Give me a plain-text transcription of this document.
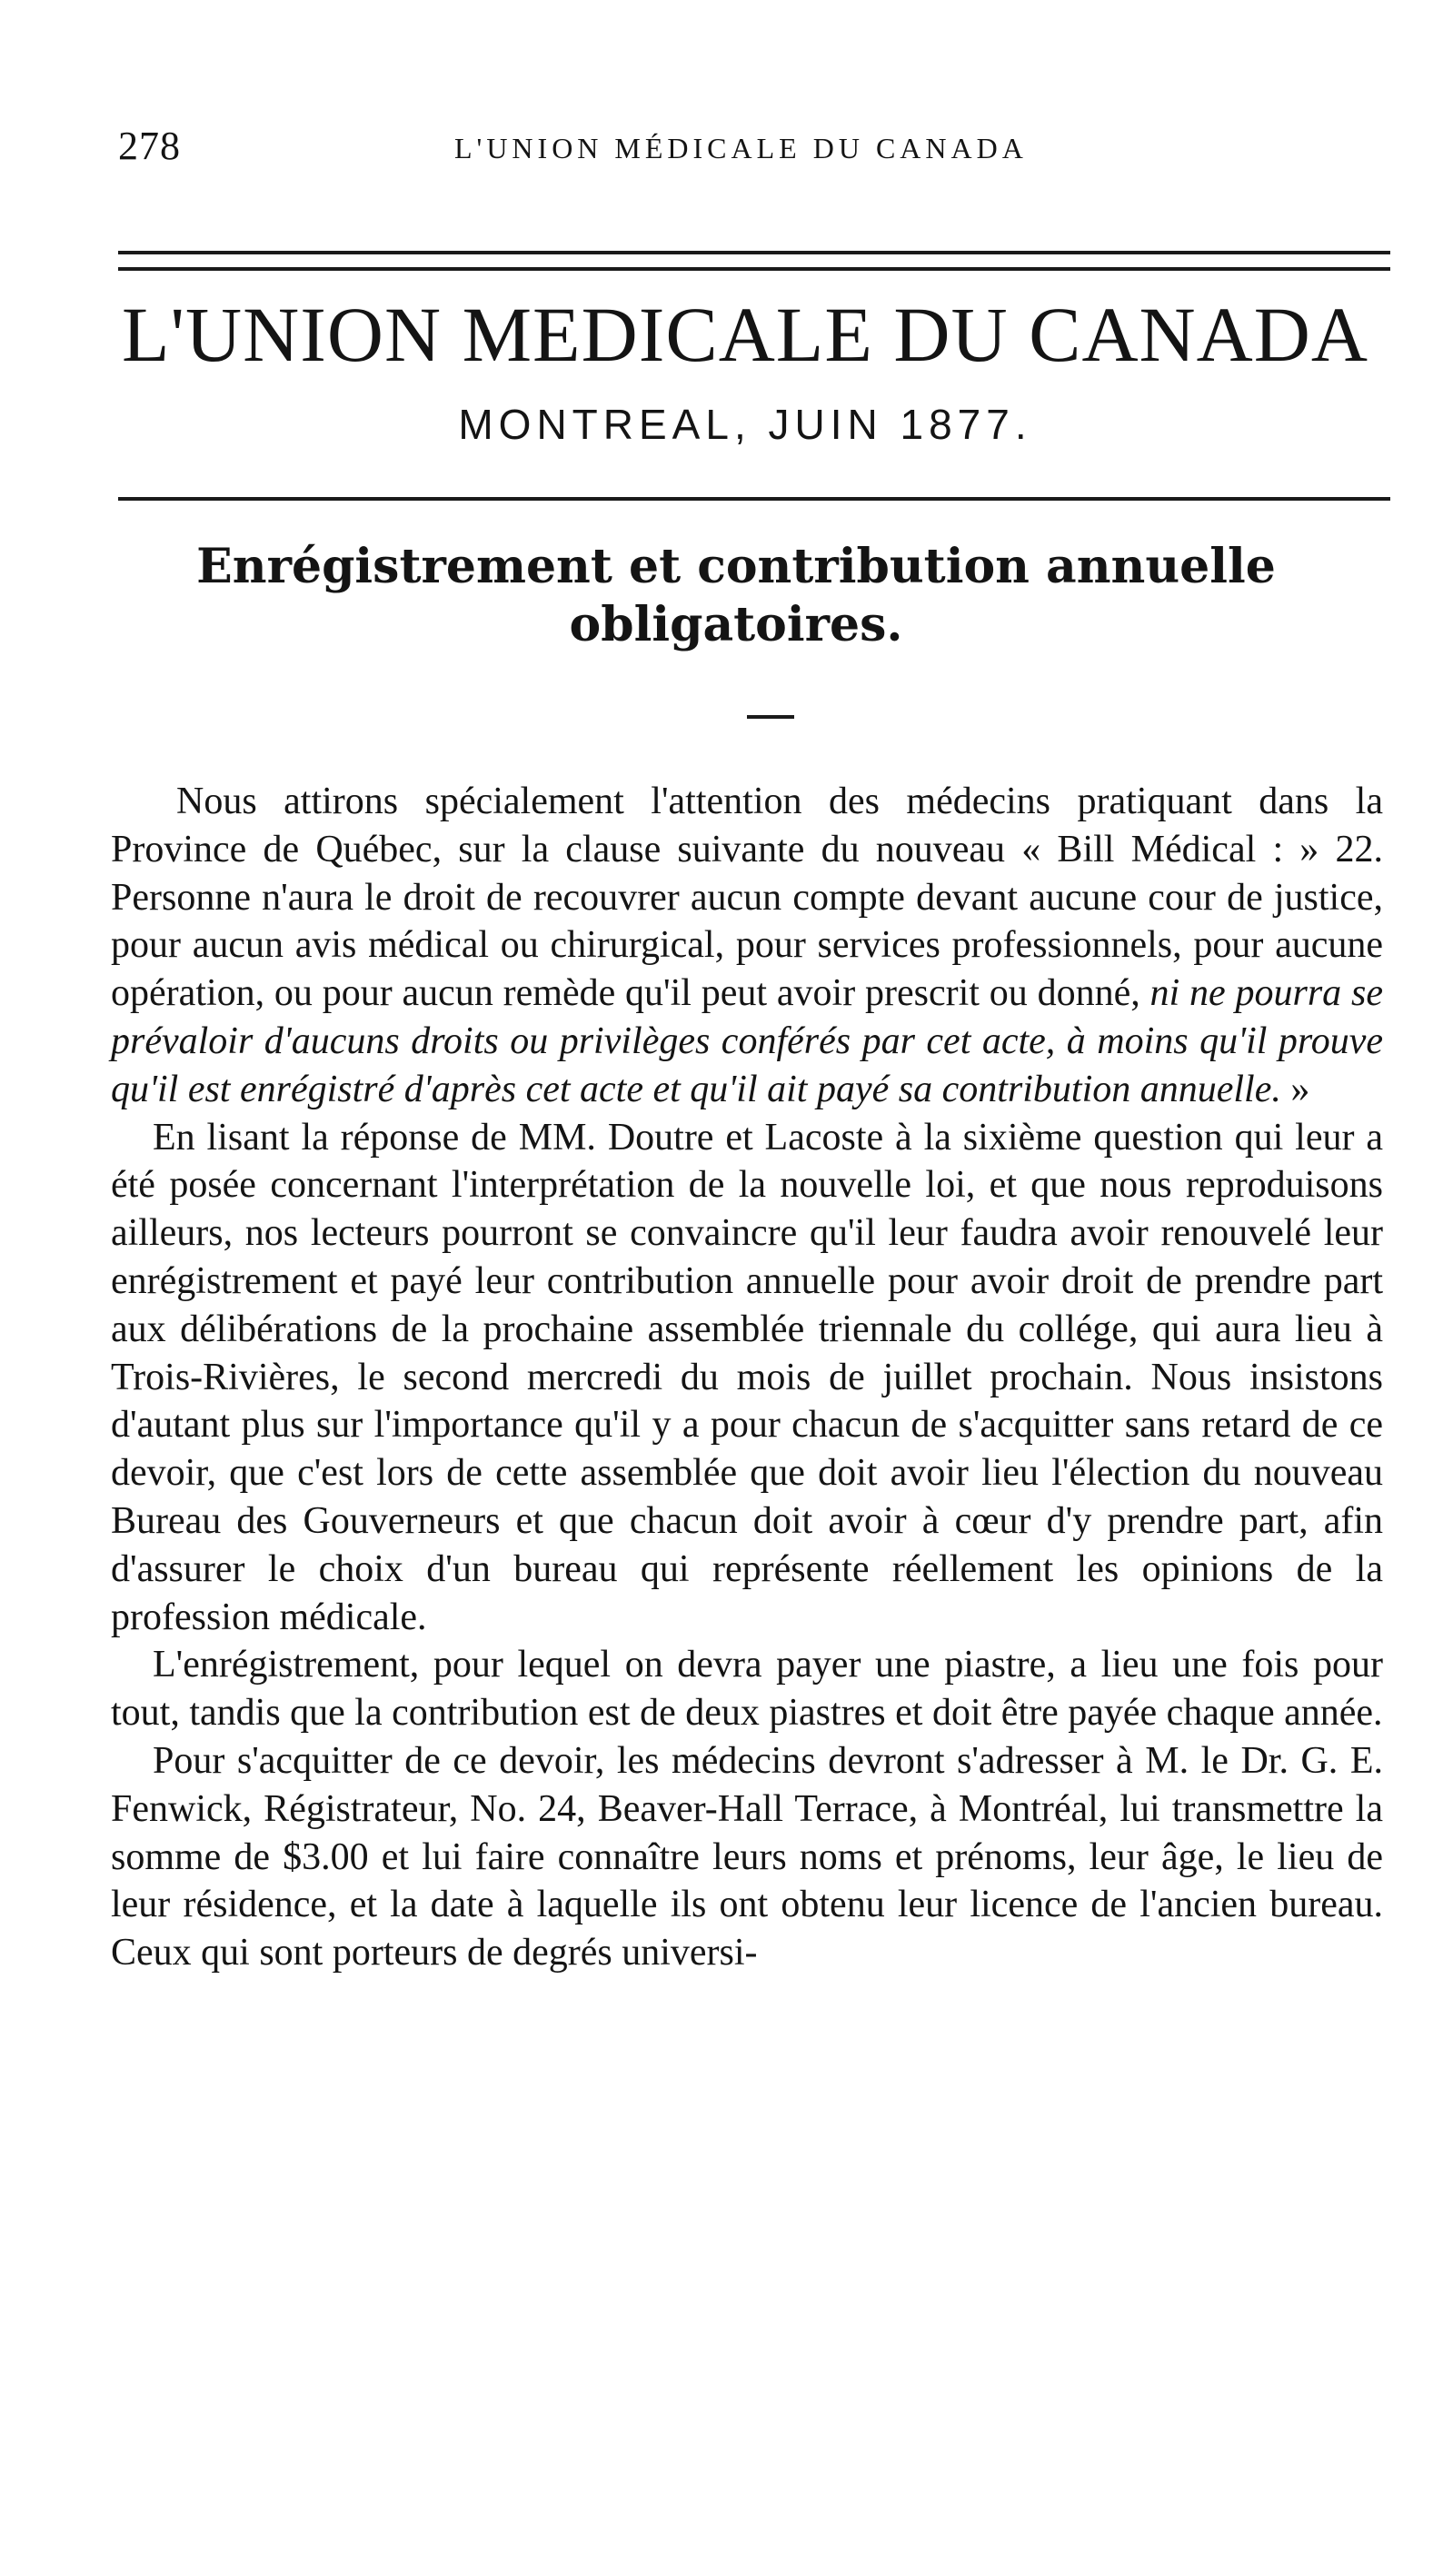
278	L'UNION MÉDICALE DU CANADA
L'UNION MEDICALE DU CANADA
MONTREAL, JUIN 1877.
Enrégistrement et contribution annuelle obligatoires.

Nous attirons spécialement l'attention des médecins pratiquant dans la Province de Québec, sur la clause suivante du nouveau « Bill Médical : » 22. Personne n'aura le droit de recouvrer aucun compte devant aucune cour de justice, pour aucun avis médical ou chirurgical, pour services professionnels, pour aucune opération, ou pour aucun remède qu'il peut avoir prescrit ou donné, ni ne pourra se prévaloir d'aucuns droits ou privilèges conférés par cet acte, à moins qu'il prouve qu'il est enrégistré d'après cet acte et qu'il ait payé sa contribution annuelle. »

En lisant la réponse de MM. Doutre et Lacoste à la sixième question qui leur a été posée concernant l'interprétation de la nouvelle loi, et que nous reproduisons ailleurs, nos lecteurs pourront se convaincre qu'il leur faudra avoir renouvelé leur enrégistrement et payé leur contribution annuelle pour avoir droit de prendre part aux délibérations de la prochaine assemblée triennale du collége, qui aura lieu à Trois-Rivières, le second mercredi du mois de juillet prochain. Nous insistons d'autant plus sur l'importance qu'il y a pour chacun de s'acquitter sans retard de ce devoir, que c'est lors de cette assemblée que doit avoir lieu l'élection du nouveau Bureau des Gouverneurs et que chacun doit avoir à cœur d'y prendre part, afin d'assurer le choix d'un bureau qui représente réellement les opinions de la profession médicale.

L'enrégistrement, pour lequel on devra payer une piastre, a lieu une fois pour tout, tandis que la contribution est de deux piastres et doit être payée chaque année.

Pour s'acquitter de ce devoir, les médecins devront s'adresser à M. le Dr. G. E. Fenwick, Régistrateur, No. 24, Beaver-Hall Terrace, à Montréal, lui transmettre la somme de $3.00 et lui faire connaître leurs noms et prénoms, leur âge, le lieu de leur résidence, et la date à laquelle ils ont obtenu leur licence de l'ancien bureau. Ceux qui sont porteurs de degrés universi-
